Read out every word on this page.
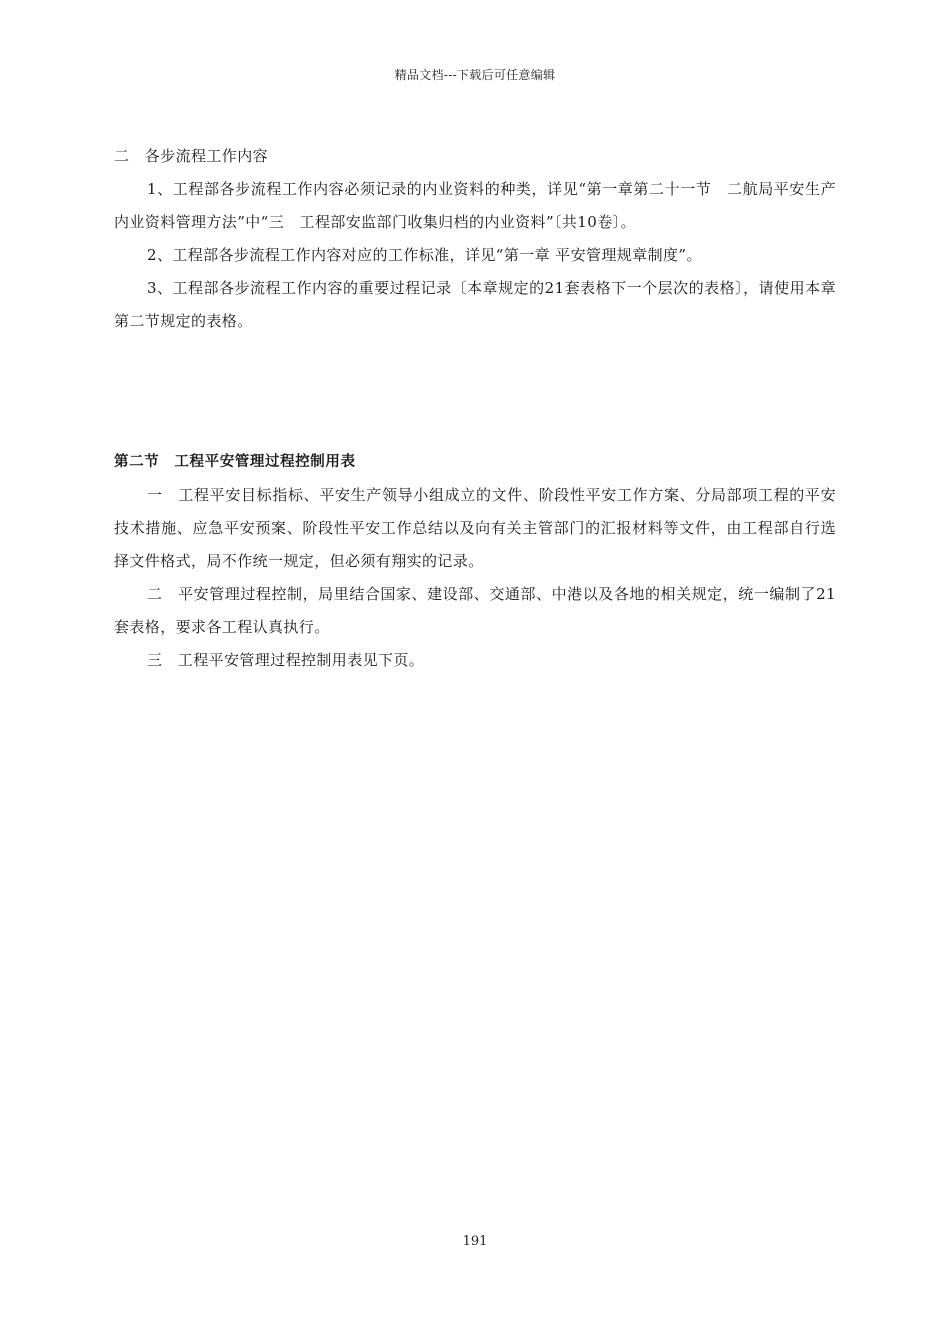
精品文档---下载后可任意编辑

二　各步流程工作内容

1、工程部各步流程工作内容必须记录的内业资料的种类，详见“第一章第二十一节　二航局平安生产内业资料管理方法”中“三　工程部安监部门收集归档的内业资料”〔共10卷〕。

2、工程部各步流程工作内容对应的工作标准，详见“第一章 平安管理规章制度”。

3、工程部各步流程工作内容的重要过程记录〔本章规定的21套表格下一个层次的表格〕，请使用本章第二节规定的表格。

第二节　工程平安管理过程控制用表

一　工程平安目标指标、平安生产领导小组成立的文件、阶段性平安工作方案、分局部项工程的平安技术措施、应急平安预案、阶段性平安工作总结以及向有关主管部门的汇报材料等文件，由工程部自行选择文件格式，局不作统一规定，但必须有翔实的记录。

二　平安管理过程控制，局里结合国家、建设部、交通部、中港以及各地的相关规定，统一编制了21套表格，要求各工程认真执行。

三　工程平安管理过程控制用表见下页。

191
